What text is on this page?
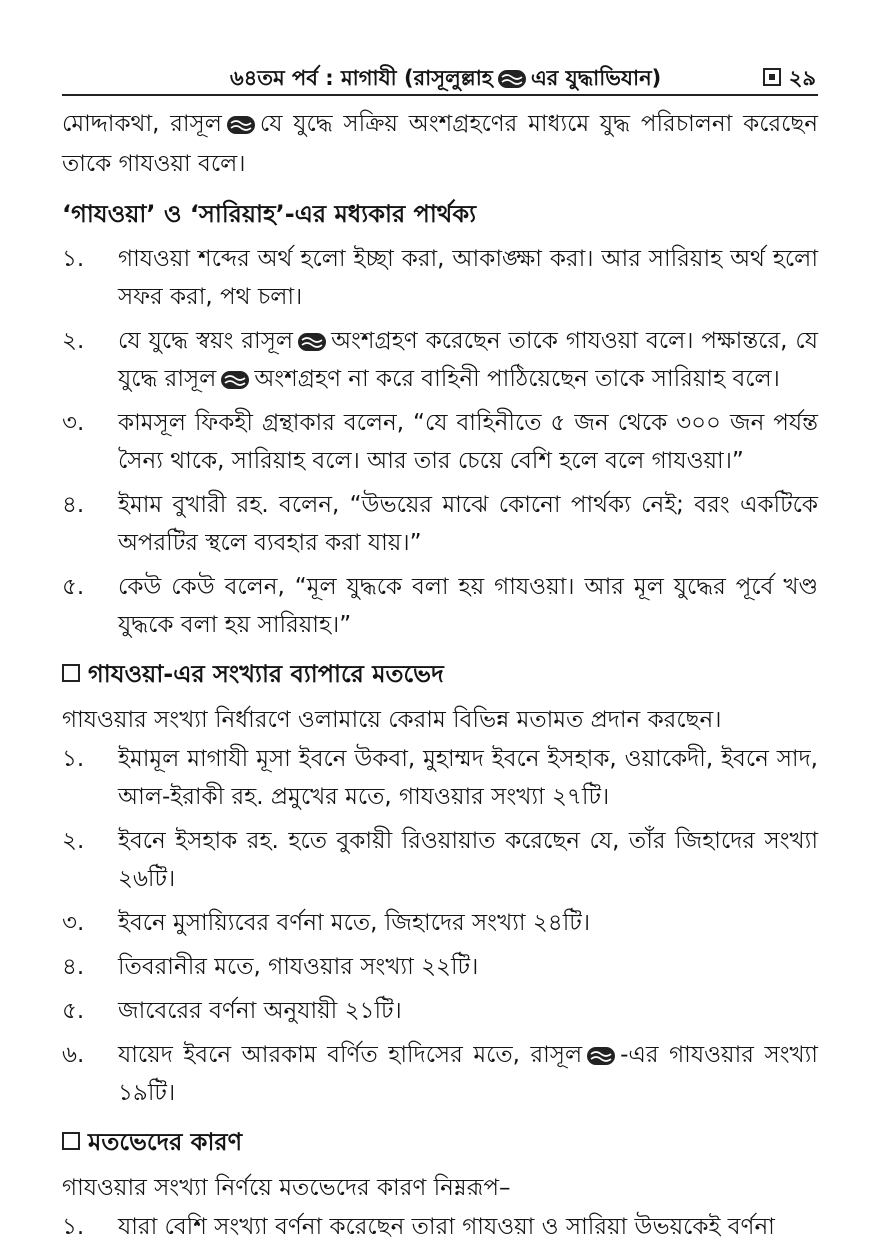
৬৪তম পর্ব : মাগাযী (রাসূলুল্লাহ এর যুদ্ধাভিযান)	২৯

মোদ্দাকথা, রাসূল যে যুদ্ধে সক্রিয় অংশগ্রহণের মাধ্যমে যুদ্ধ পরিচালনা করেছেন তাকে গাযওয়া বলে।

‘গাযওয়া’ ও ‘সারিয়াহ’-এর মধ্যকার পার্থক্য
১.	গাযওয়া শব্দের অর্থ হলো ইচ্ছা করা, আকাঙ্ক্ষা করা। আর সারিয়াহ অর্থ হলো সফর করা, পথ চলা।
২.	যে যুদ্ধে স্বয়ং রাসূল অংশগ্রহণ করেছেন তাকে গাযওয়া বলে। পক্ষান্তরে, যে যুদ্ধে রাসূল অংশগ্রহণ না করে বাহিনী পাঠিয়েছেন তাকে সারিয়াহ বলে।
৩.	কামসূল ফিকহী গ্রন্থাকার বলেন, “যে বাহিনীতে ৫ জন থেকে ৩০০ জন পর্যন্ত সৈন্য থাকে, সারিয়াহ বলে। আর তার চেয়ে বেশি হলে বলে গাযওয়া।”
৪.	ইমাম বুখারী রহ. বলেন, “উভয়ের মাঝে কোনো পার্থক্য নেই; বরং একটিকে অপরটির স্থলে ব্যবহার করা যায়।”
৫.	কেউ কেউ বলেন, “মূল যুদ্ধকে বলা হয় গাযওয়া। আর মূল যুদ্ধের পূর্বে খণ্ড যুদ্ধকে বলা হয় সারিয়াহ।”
গাযওয়া-এর সংখ্যার ব্যাপারে মতভেদ

গাযওয়ার সংখ্যা নির্ধারণে ওলামায়ে কেরাম বিভিন্ন মতামত প্রদান করছেন।

১.	ইমামূল মাগাযী মূসা ইবনে উকবা, মুহাম্মদ ইবনে ইসহাক, ওয়াকেদী, ইবনে সাদ, আল-ইরাকী রহ. প্রমুখের মতে, গাযওয়ার সংখ্যা ২৭টি।
২.	ইবনে ইসহাক রহ. হতে বুকায়ী রিওয়ায়াত করেছেন যে, তাঁর জিহাদের সংখ্যা ২৬টি।
৩.	ইবনে মুসায়্যিবের বর্ণনা মতে, জিহাদের সংখ্যা ২৪টি।
৪.	তিবরানীর মতে, গাযওয়ার সংখ্যা ২২টি।
৫.	জাবেরের বর্ণনা অনুযায়ী ২১টি।
৬.	যায়েদ ইবনে আরকাম বর্ণিত হাদিসের মতে, রাসূল -এর গাযওয়ার সংখ্যা ১৯টি।
মতভেদের কারণ

গাযওয়ার সংখ্যা নির্ণয়ে মতভেদের কারণ নিম্নরূপ–

১.	যারা বেশি সংখ্যা বর্ণনা করেছেন তারা গাযওয়া ও সারিয়া উভয়কেই বর্ণনা
